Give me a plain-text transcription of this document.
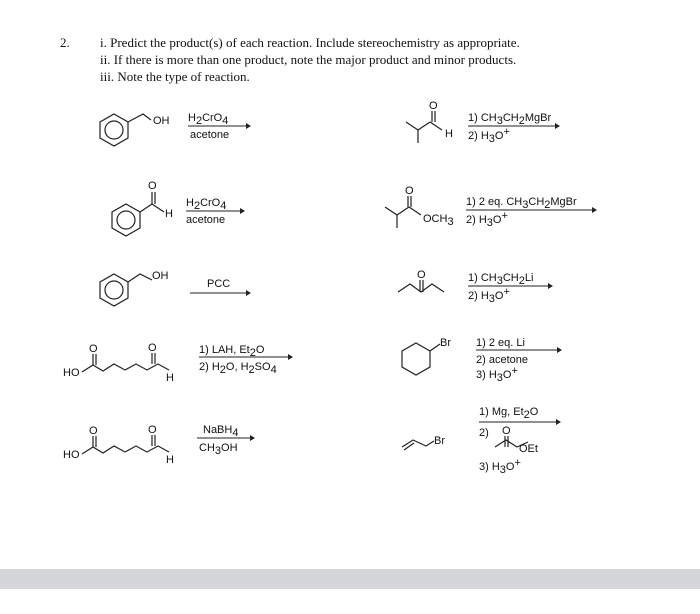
2. i. Predict the product(s) of each reaction. Include stereochemistry as appropriate.
ii. If there is more than one product, note the major product and minor products.
iii. Note the type of reaction.
OH H2CrO4
acetone
O
H
H2CrO4
acetone
OH
PCC
HO
O	O
H
1) LAH, Et2O
2) H2O, H2SO4
HO
O	O
H
NaBH4
CH3OH
O
H
1) CH3CH2MgBr
2) H3O+
O
OCH3
1) 2 eq. CH3CH2MgBr
2) H3O+
O	1) CH3CH2Li
2) H3O+
Br 1) 2 eq. Li
2) acetone
3) H3O+
Br
1) Mg, Et2O
2) O
OEt
3) H3O+
